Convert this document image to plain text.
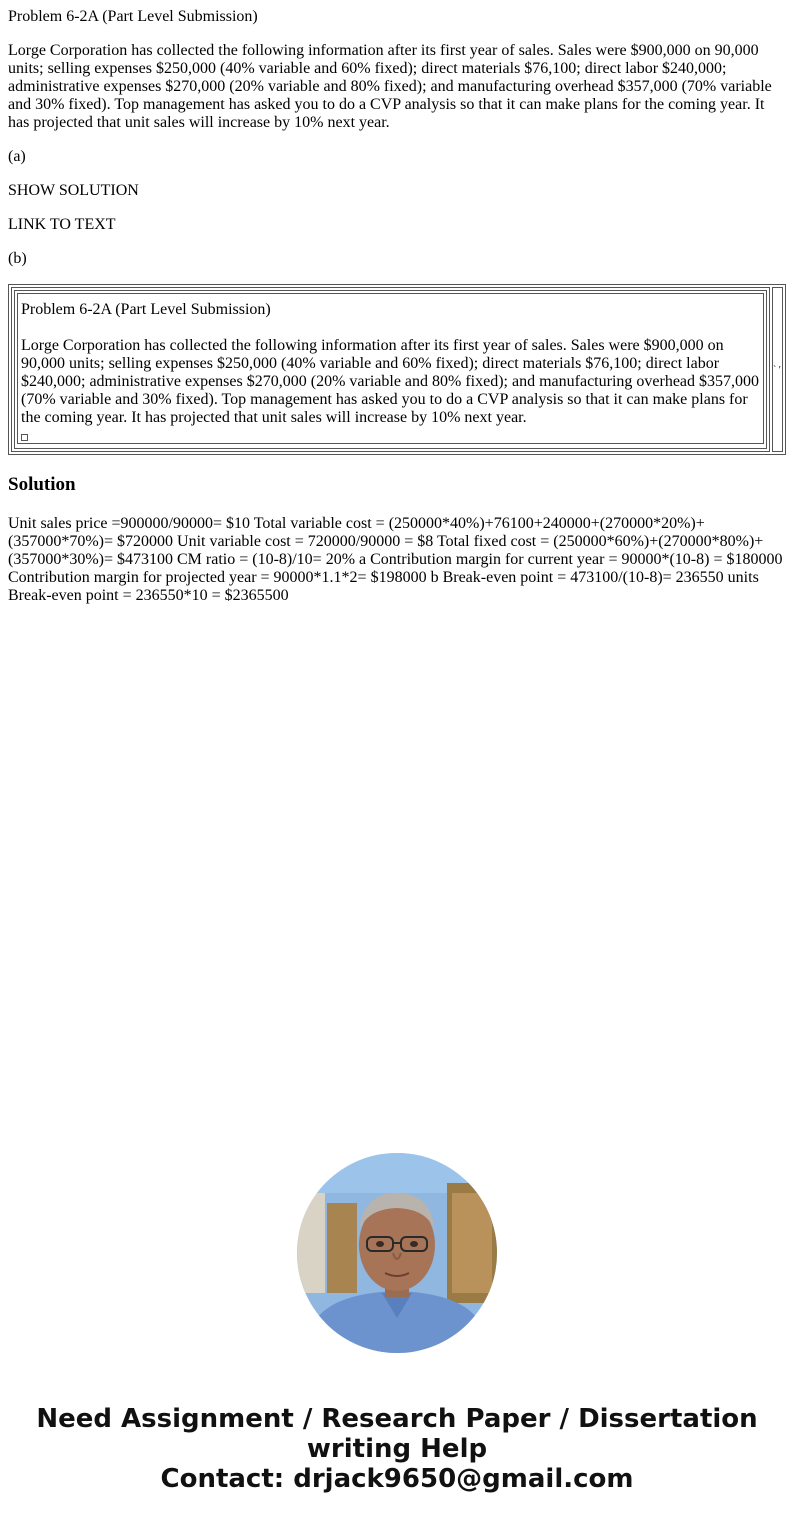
Problem 6-2A (Part Level Submission)

Lorge Corporation has collected the following information after its first year of sales. Sales were $900,000 on 90,000 units; selling expenses $250,000 (40% variable and 60% fixed); direct materials $76,100; direct labor $240,000; administrative expenses $270,000 (20% variable and 80% fixed); and manufacturing overhead $357,000 (70% variable and 30% fixed). Top management has asked you to do a CVP analysis so that it can make plans for the coming year. It has projected that unit sales will increase by 10% next year.

(a)

SHOW SOLUTION

LINK TO TEXT

(b)

Problem 6-2A (Part Level Submission)

Lorge Corporation has collected the following information after its first year of sales. Sales were $900,000 on 90,000 units; selling expenses $250,000 (40% variable and 60% fixed); direct materials $76,100; direct labor $240,000; administrative expenses $270,000 (20% variable and 80% fixed); and manufacturing overhead $357,000 (70% variable and 30% fixed). Top management has asked you to do a CVP analysis so that it can make plans for the coming year. It has projected that unit sales will increase by 10% next year.

` '
Solution

Unit sales price =900000/90000= $10 Total variable cost = (250000*40%)+76100+240000+(270000*20%)+(357000*70%)= $720000 Unit variable cost = 720000/90000 = $8 Total fixed cost = (250000*60%)+(270000*80%)+(357000*30%)= $473100 CM ratio = (10-8)/10= 20% a Contribution margin for current year = 90000*(10-8) = $180000 Contribution margin for projected year = 90000*1.1*2= $198000 b Break-even point = 473100/(10-8)= 236550 units Break-even point = 236550*10 = $2365500

Need Assignment / Research Paper / Dissertation
writing Help
Contact: drjack9650@gmail.com
